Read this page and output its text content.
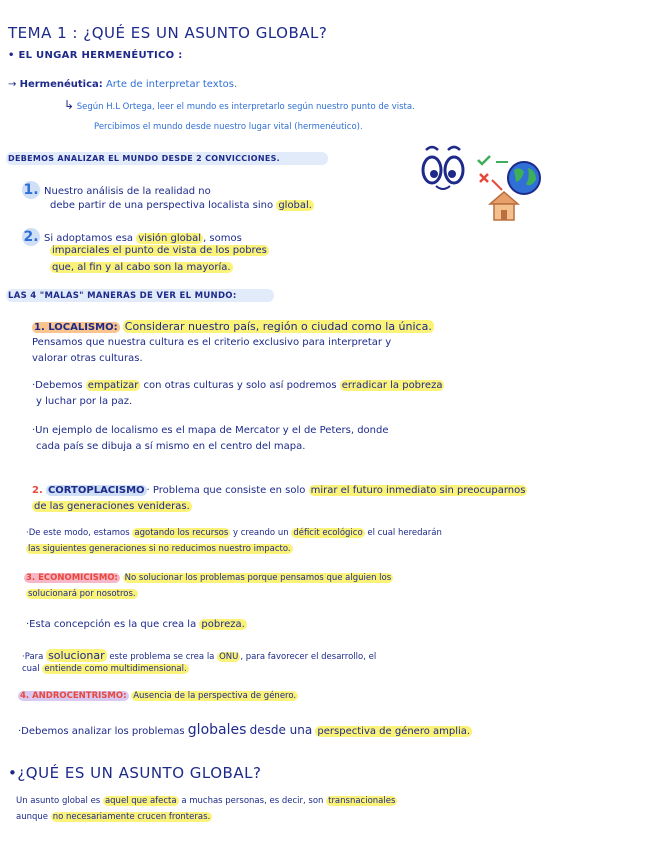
TEMA 1 : ¿QUÉ ES UN ASUNTO GLOBAL?
• EL UNGAR HERMENÉUTICO :
→ Hermenéutica: Arte de interpretar textos.
↳ Según H.L Ortega, leer el mundo es interpretarlo según nuestro punto de vista.
Percibimos el mundo desde nuestro lugar vital (hermenéutico).
DEBEMOS ANALIZAR EL MUNDO DESDE 2 CONVICCIONES.
1. Nuestro análisis de la realidad no
debe partir de una perspectiva localista sino global.
2. Si adoptamos esa visión global , somos
imparciales el punto de vista de los pobres
que, al fin y al cabo son la mayoría.
LAS 4 "MALAS" MANERAS DE VER EL MUNDO:
1. LOCALISMO: Considerar nuestro país, región o ciudad como la única.
Pensamos que nuestra cultura es el criterio exclusivo para interpretar y
valorar otras culturas.
·Debemos empatizar con otras culturas y solo así podremos erradicar la pobreza
y luchar por la paz.
·Un ejemplo de localismo es el mapa de Mercator y el de Peters, donde
cada país se dibuja a sí mismo en el centro del mapa.
2. CORTOPLACISMO · Problema que consiste en solo mirar el futuro inmediato sin preocuparnos
de las generaciones venideras.
·De este modo, estamos agotando los recursos y creando un déficit ecológico el cual heredarán
las siguientes generaciones si no reducimos nuestro impacto.
3. ECONOMICISMO: No solucionar los problemas porque pensamos que alguien los
solucionará por nosotros.
·Esta concepción es la que crea la pobreza.
·Para solucionar este problema se crea la ONU , para favorecer el desarrollo, el
cual entiende como multidimensional.
4. ANDROCENTRISMO: Ausencia de la perspectiva de género.
·Debemos analizar los problemas globales desde una perspectiva de género amplia.
•¿QUÉ ES UN ASUNTO GLOBAL?
Un asunto global es aquel que afecta a muchas personas, es decir, son transnacionales
aunque no necesariamente crucen fronteras.
